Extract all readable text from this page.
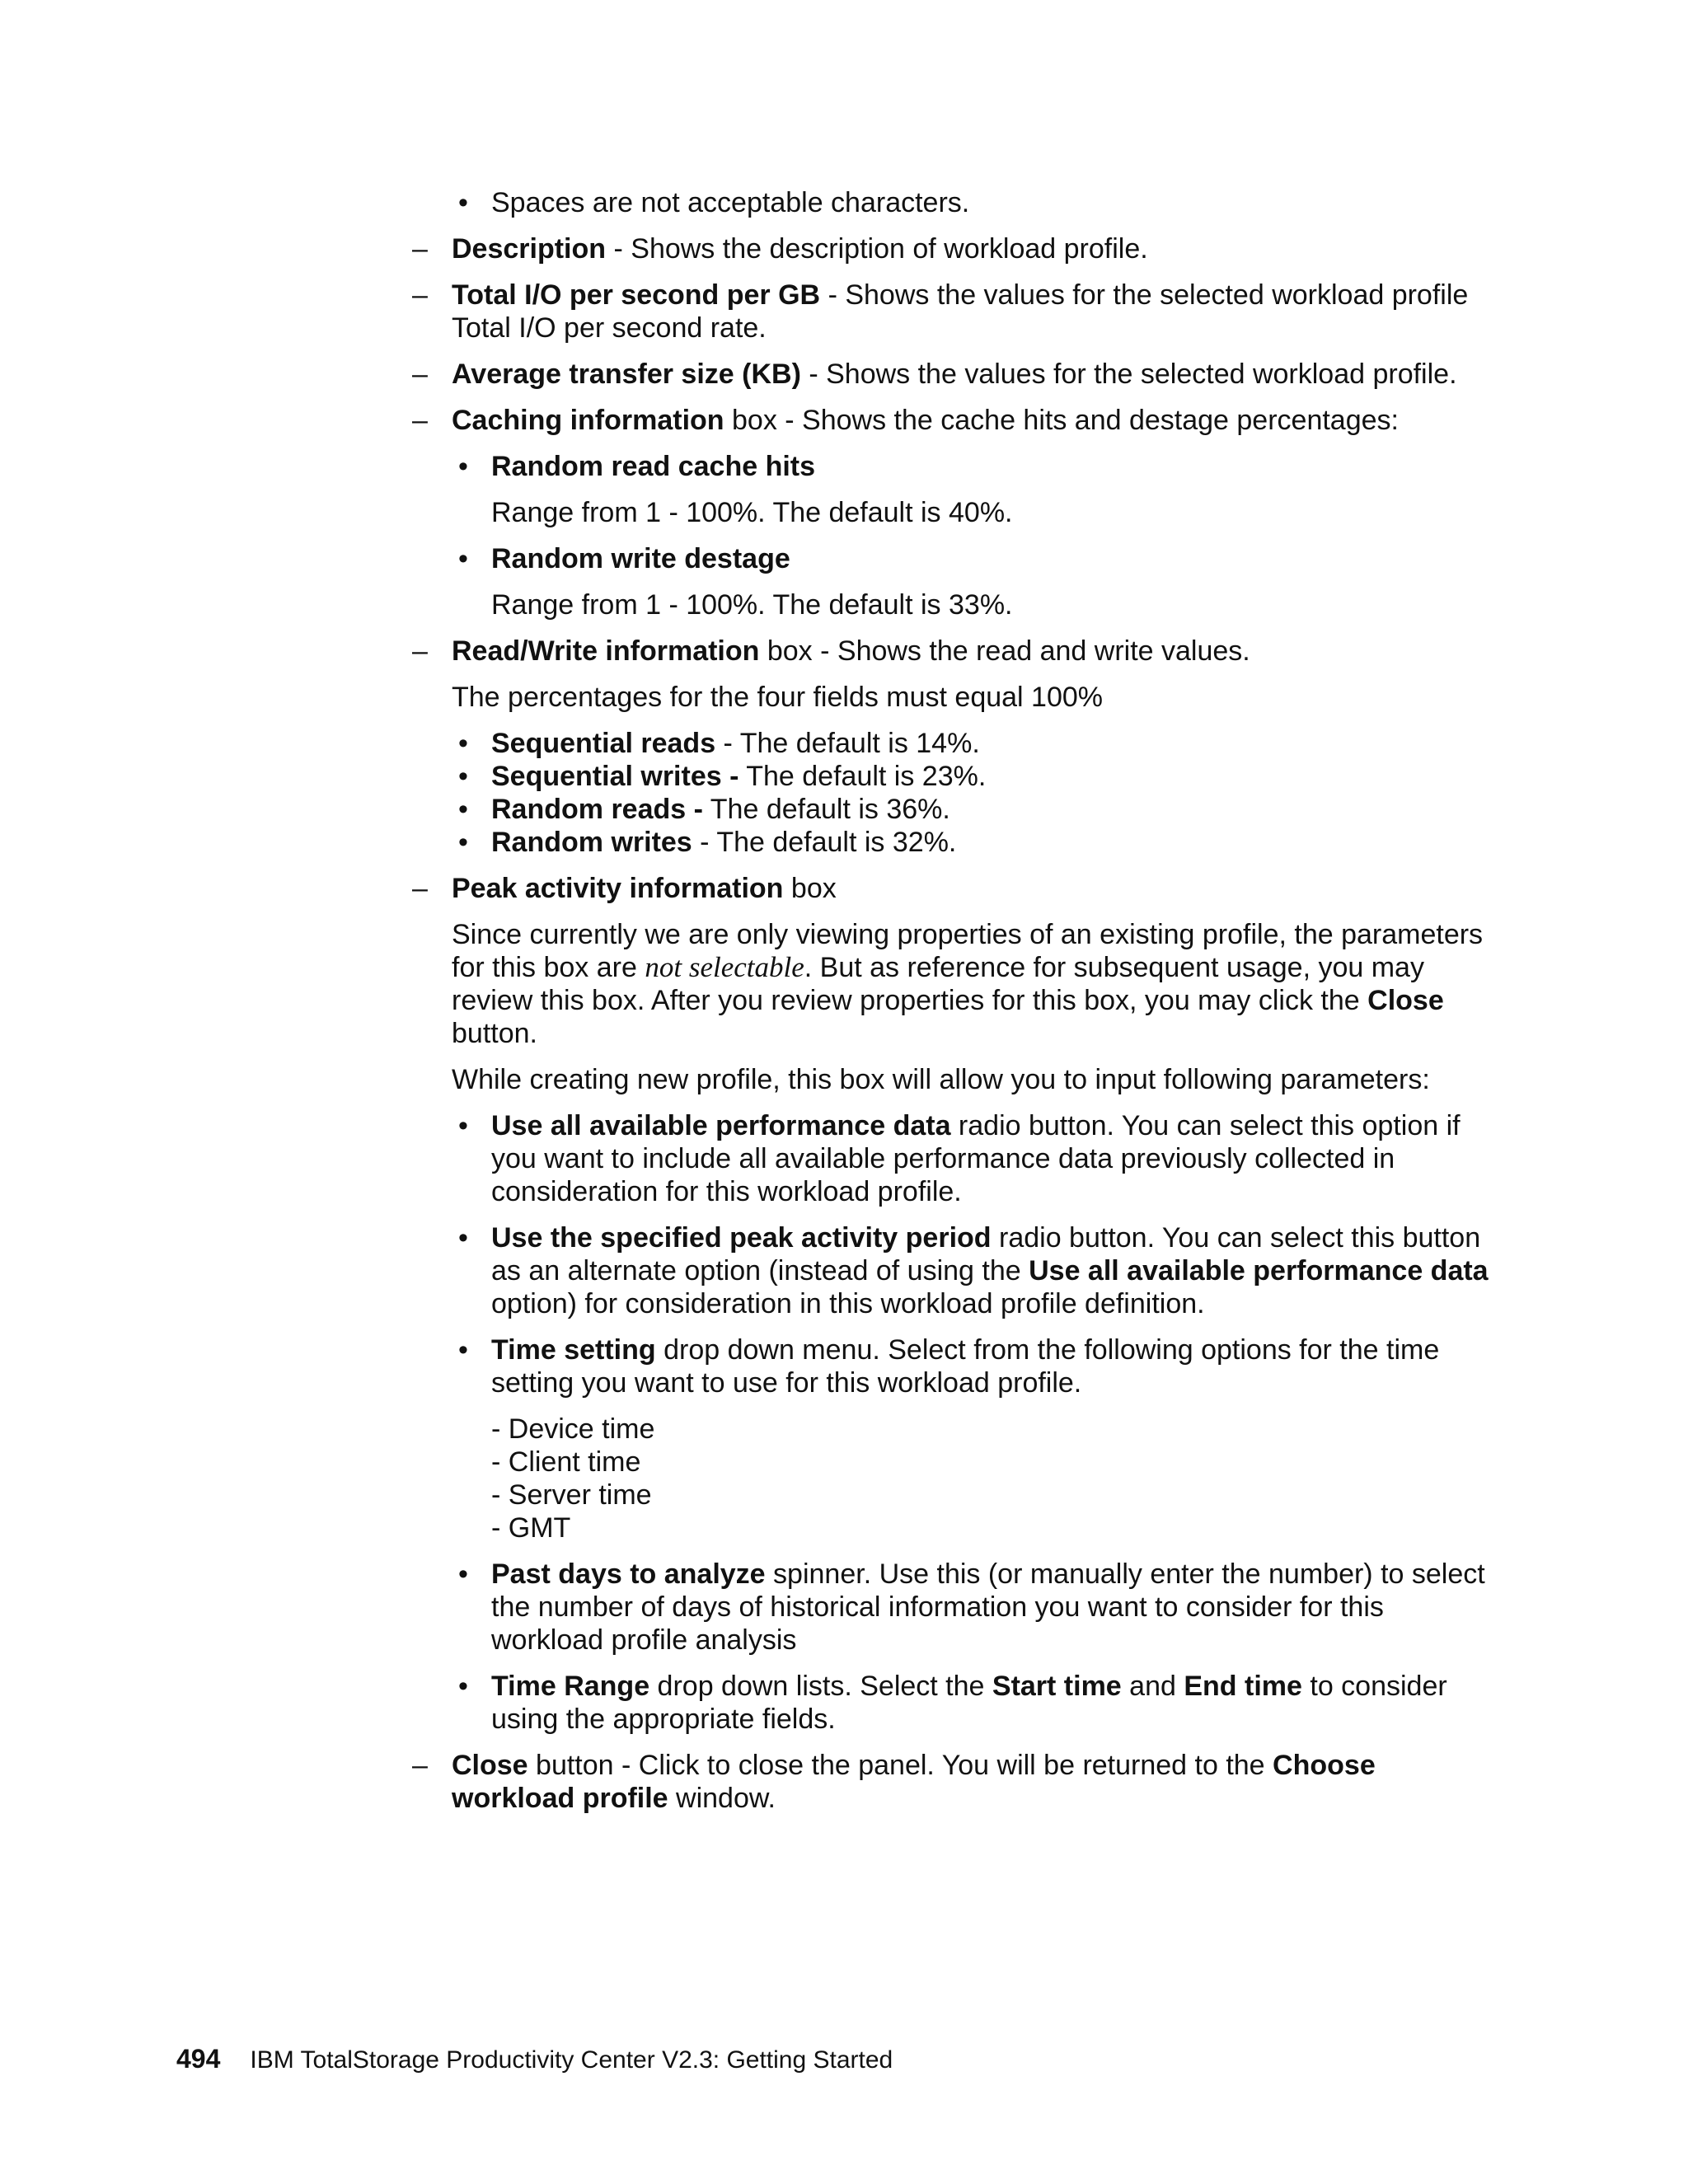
• Spaces are not acceptable characters.
– Description - Shows the description of workload profile.
– Total I/O per second per GB - Shows the values for the selected workload profile Total I/O per second rate.
– Average transfer size (KB) - Shows the values for the selected workload profile.
– Caching information box - Shows the cache hits and destage percentages:
• Random read cache hits
Range from 1 - 100%. The default is 40%.
• Random write destage
Range from 1 - 100%. The default is 33%.
– Read/Write information box - Shows the read and write values.
The percentages for the four fields must equal 100%
• Sequential reads - The default is 14%.
• Sequential writes - The default is 23%.
• Random reads - The default is 36%.
• Random writes - The default is 32%.
– Peak activity information box
Since currently we are only viewing properties of an existing profile, the parameters for this box are not selectable. But as reference for subsequent usage, you may review this box. After you review properties for this box, you may click the Close button.
While creating new profile, this box will allow you to input following parameters:
• Use all available performance data radio button. You can select this option if you want to include all available performance data previously collected in consideration for this workload profile.
• Use the specified peak activity period radio button. You can select this button as an alternate option (instead of using the Use all available performance data option) for consideration in this workload profile definition.
• Time setting drop down menu. Select from the following options for the time setting you want to use for this workload profile.
- Device time
- Client time
- Server time
- GMT
• Past days to analyze spinner. Use this (or manually enter the number) to select the number of days of historical information you want to consider for this workload profile analysis
• Time Range drop down lists. Select the Start time and End time to consider using the appropriate fields.
– Close button - Click to close the panel. You will be returned to the Choose workload profile window.
494 IBM TotalStorage Productivity Center V2.3: Getting Started
